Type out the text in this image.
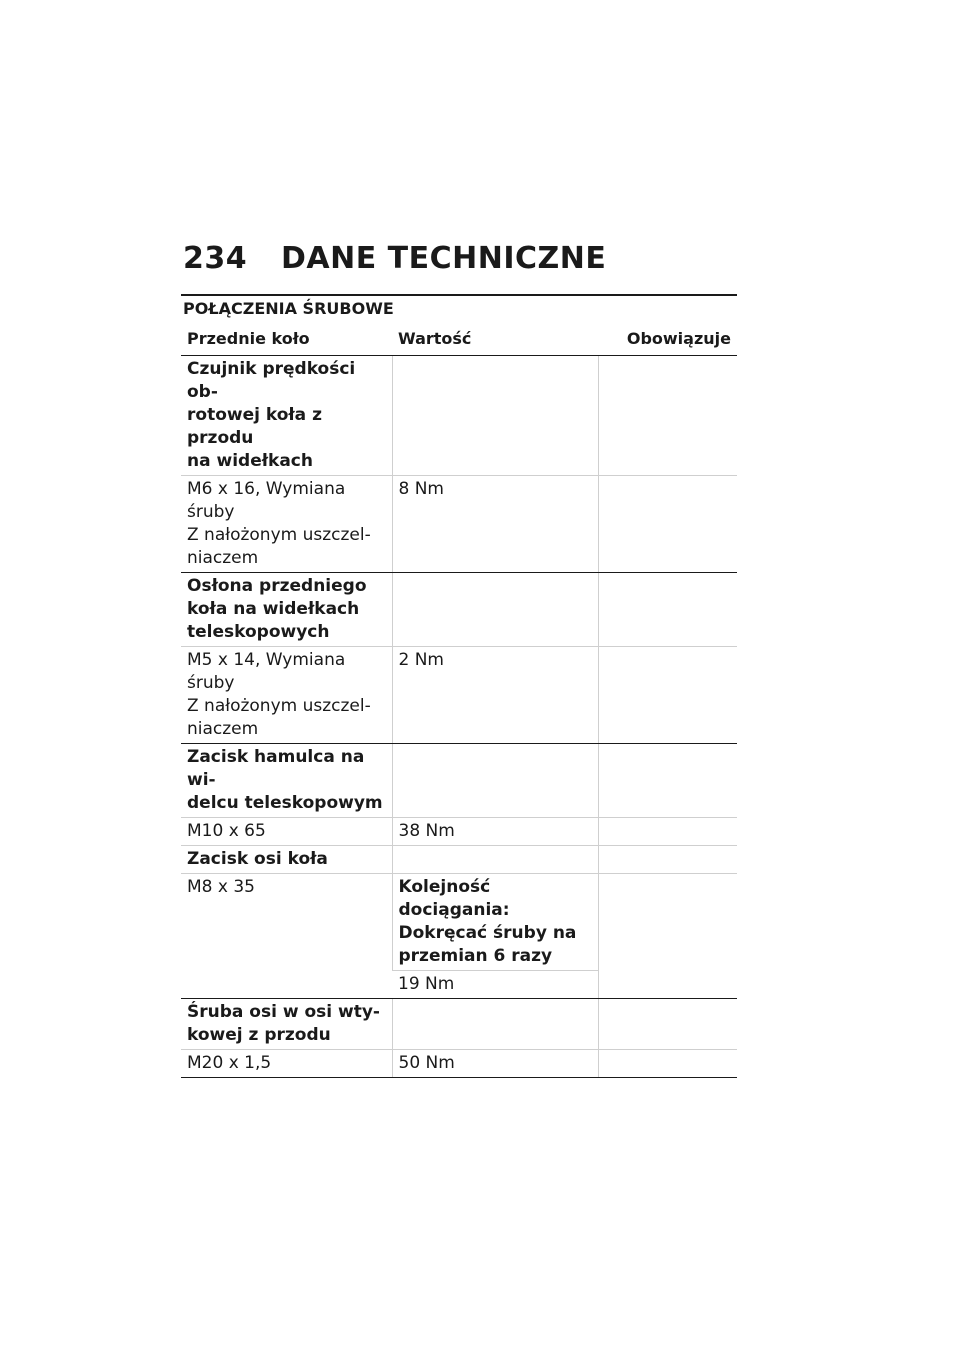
234 DANE TECHNICZNE
POŁĄCZENIA ŚRUBOWE
Przednie koło	Wartość	Obowiązuje

Czujnik prędkości ob-
rotowej koła z przodu
na widełkach		

M6 x 16, Wymiana
śruby
Z nałożonym uszczel-
niaczem	8 Nm	

Osłona przedniego
koła na widełkach
teleskopowych		

M5 x 14, Wymiana
śruby
Z nałożonym uszczel-
niaczem	2 Nm	

Zacisk hamulca na wi-
delcu teleskopowym		

M10 x 65	38 Nm	

Zacisk osi koła		

M8 x 35	Kolejność dociągania:
Dokręcać śruby na
przemian 6 razy	

	19 Nm	

Śruba osi w osi wty-
kowej z przodu		

M20 x 1,5	50 Nm	
